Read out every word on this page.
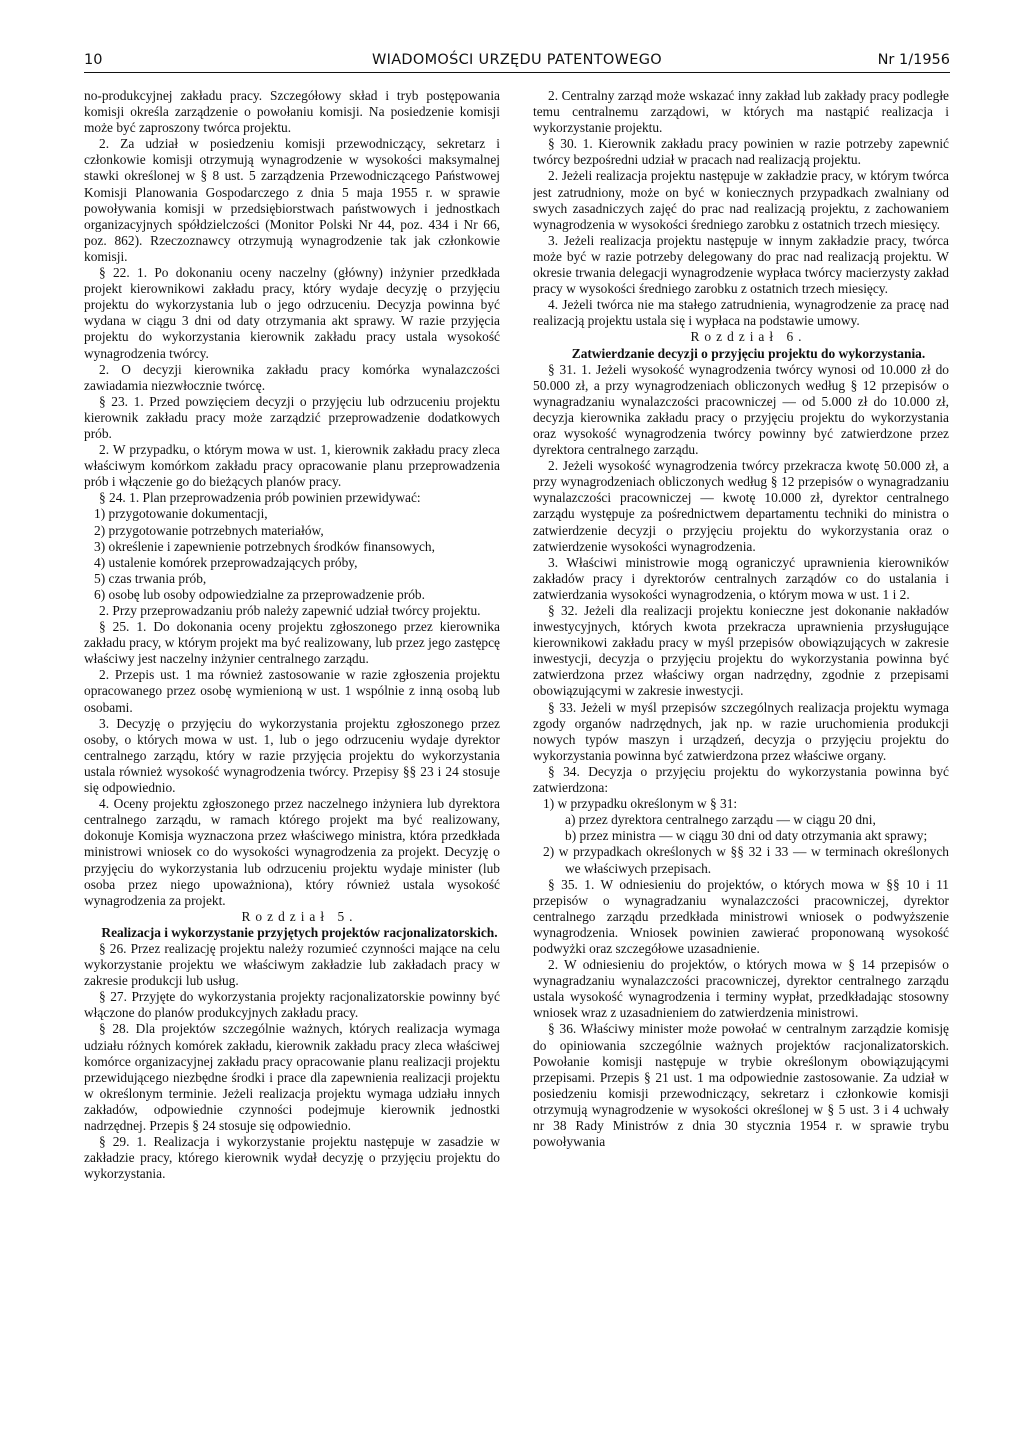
10	WIADOMOŚCI URZĘDU PATENTOWEGO	Nr 1/1956

no-produkcyjnej zakładu pracy. Szczegółowy skład i tryb postępowania komisji określa zarządzenie o powołaniu komisji. Na posiedzenie komisji może być zaproszony twórca projektu.

2. Za udział w posiedzeniu komisji przewodniczący, sekretarz i członkowie komisji otrzymują wynagrodzenie w wysokości maksymalnej stawki określonej w § 8 ust. 5 zarządzenia Przewodniczącego Państwowej Komisji Planowania Gospodarczego z dnia 5 maja 1955 r. w sprawie powoływania komisji w przedsiębiorstwach państwowych i jednostkach organizacyjnych spółdzielczości (Monitor Polski Nr 44, poz. 434 i Nr 66, poz. 862). Rzeczoznawcy otrzymują wynagrodzenie tak jak członkowie komisji.

§ 22. 1. Po dokonaniu oceny naczelny (główny) inżynier przedkłada projekt kierownikowi zakładu pracy, który wydaje decyzję o przyjęciu projektu do wykorzystania lub o jego odrzuceniu. Decyzja powinna być wydana w ciągu 3 dni od daty otrzymania akt sprawy. W razie przyjęcia projektu do wykorzystania kierownik zakładu pracy ustala wysokość wynagrodzenia twórcy.

2. O decyzji kierownika zakładu pracy komórka wynalazczości zawiadamia niezwłocznie twórcę.

§ 23. 1. Przed powzięciem decyzji o przyjęciu lub odrzuceniu projektu kierownik zakładu pracy może zarządzić przeprowadzenie dodatkowych prób.

2. W przypadku, o którym mowa w ust. 1, kierownik zakładu pracy zleca właściwym komórkom zakładu pracy opracowanie planu przeprowadzenia prób i włączenie go do bieżących planów pracy.

§ 24. 1. Plan przeprowadzenia prób powinien przewidywać:

1) przygotowanie dokumentacji,

2) przygotowanie potrzebnych materiałów,

3) określenie i zapewnienie potrzebnych środków finansowych,

4) ustalenie komórek przeprowadzających próby,

5) czas trwania prób,

6) osobę lub osoby odpowiedzialne za przeprowadzenie prób.

2. Przy przeprowadzaniu prób należy zapewnić udział twórcy projektu.

§ 25. 1. Do dokonania oceny projektu zgłoszonego przez kierownika zakładu pracy, w którym projekt ma być realizowany, lub przez jego zastępcę właściwy jest naczelny inżynier centralnego zarządu.

2. Przepis ust. 1 ma również zastosowanie w razie zgłoszenia projektu opracowanego przez osobę wymienioną w ust. 1 wspólnie z inną osobą lub osobami.

3. Decyzję o przyjęciu do wykorzystania projektu zgłoszonego przez osoby, o których mowa w ust. 1, lub o jego odrzuceniu wydaje dyrektor centralnego zarządu, który w razie przyjęcia projektu do wykorzystania ustala również wysokość wynagrodzenia twórcy. Przepisy §§ 23 i 24 stosuje się odpowiednio.

4. Oceny projektu zgłoszonego przez naczelnego inżyniera lub dyrektora centralnego zarządu, w ramach którego projekt ma być realizowany, dokonuje Komisja wyznaczona przez właściwego ministra, która przedkłada ministrowi wniosek co do wysokości wynagrodzenia za projekt. Decyzję o przyjęciu do wykorzystania lub odrzuceniu projektu wydaje minister (lub osoba przez niego upoważniona), który również ustala wysokość wynagrodzenia za projekt.

Rozdział 5.

Realizacja i wykorzystanie przyjętych projektów racjonalizatorskich.

§ 26. Przez realizację projektu należy rozumieć czynności mające na celu wykorzystanie projektu we właściwym zakładzie lub zakładach pracy w zakresie produkcji lub usług.

§ 27. Przyjęte do wykorzystania projekty racjonalizatorskie powinny być włączone do planów produkcyjnych zakładu pracy.

§ 28. Dla projektów szczególnie ważnych, których realizacja wymaga udziału różnych komórek zakładu, kierownik zakładu pracy zleca właściwej komórce organizacyjnej zakładu pracy opracowanie planu realizacji projektu przewidującego niezbędne środki i prace dla zapewnienia realizacji projektu w określonym terminie. Jeżeli realizacja projektu wymaga udziału innych zakładów, odpowiednie czynności podejmuje kierownik jednostki nadrzędnej. Przepis § 24 stosuje się odpowiednio.

§ 29. 1. Realizacja i wykorzystanie projektu następuje w zasadzie w zakładzie pracy, którego kierownik wydał decyzję o przyjęciu projektu do wykorzystania.

2. Centralny zarząd może wskazać inny zakład lub zakłady pracy podległe temu centralnemu zarządowi, w których ma nastąpić realizacja i wykorzystanie projektu.

§ 30. 1. Kierownik zakładu pracy powinien w razie potrzeby zapewnić twórcy bezpośredni udział w pracach nad realizacją projektu.

2. Jeżeli realizacja projektu następuje w zakładzie pracy, w którym twórca jest zatrudniony, może on być w koniecznych przypadkach zwalniany od swych zasadniczych zajęć do prac nad realizacją projektu, z zachowaniem wynagrodzenia w wysokości średniego zarobku z ostatnich trzech miesięcy.

3. Jeżeli realizacja projektu następuje w innym zakładzie pracy, twórca może być w razie potrzeby delegowany do prac nad realizacją projektu. W okresie trwania delegacji wynagrodzenie wypłaca twórcy macierzysty zakład pracy w wysokości średniego zarobku z ostatnich trzech miesięcy.

4. Jeżeli twórca nie ma stałego zatrudnienia, wynagrodzenie za pracę nad realizacją projektu ustala się i wypłaca na podstawie umowy.

Rozdział 6.

Zatwierdzanie decyzji o przyjęciu projektu do wykorzystania.

§ 31. 1. Jeżeli wysokość wynagrodzenia twórcy wynosi od 10.000 zł do 50.000 zł, a przy wynagrodzeniach obliczonych według § 12 przepisów o wynagradzaniu wynalazczości pracowniczej — od 5.000 zł do 10.000 zł, decyzja kierownika zakładu pracy o przyjęciu projektu do wykorzystania oraz wysokość wynagrodzenia twórcy powinny być zatwierdzone przez dyrektora centralnego zarządu.

2. Jeżeli wysokość wynagrodzenia twórcy przekracza kwotę 50.000 zł, a przy wynagrodzeniach obliczonych według § 12 przepisów o wynagradzaniu wynalazczości pracowniczej — kwotę 10.000 zł, dyrektor centralnego zarządu występuje za pośrednictwem departamentu techniki do ministra o zatwierdzenie decyzji o przyjęciu projektu do wykorzystania oraz o zatwierdzenie wysokości wynagrodzenia.

3. Właściwi ministrowie mogą ograniczyć uprawnienia kierowników zakładów pracy i dyrektorów centralnych zarządów co do ustalania i zatwierdzania wysokości wynagrodzenia, o którym mowa w ust. 1 i 2.

§ 32. Jeżeli dla realizacji projektu konieczne jest dokonanie nakładów inwestycyjnych, których kwota przekracza uprawnienia przysługujące kierownikowi zakładu pracy w myśl przepisów obowiązujących w zakresie inwestycji, decyzja o przyjęciu projektu do wykorzystania powinna być zatwierdzona przez właściwy organ nadrzędny, zgodnie z przepisami obowiązującymi w zakresie inwestycji.

§ 33. Jeżeli w myśl przepisów szczególnych realizacja projektu wymaga zgody organów nadrzędnych, jak np. w razie uruchomienia produkcji nowych typów maszyn i urządzeń, decyzja o przyjęciu projektu do wykorzystania powinna być zatwierdzona przez właściwe organy.

§ 34. Decyzja o przyjęciu projektu do wykorzystania powinna być zatwierdzona:

1) w przypadku określonym w § 31:

a) przez dyrektora centralnego zarządu — w ciągu 20 dni,

b) przez ministra — w ciągu 30 dni od daty otrzymania akt sprawy;

2) w przypadkach określonych w §§ 32 i 33 — w terminach określonych we właściwych przepisach.

§ 35. 1. W odniesieniu do projektów, o których mowa w §§ 10 i 11 przepisów o wynagradzaniu wynalazczości pracowniczej, dyrektor centralnego zarządu przedkłada ministrowi wniosek o podwyższenie wynagrodzenia. Wniosek powinien zawierać proponowaną wysokość podwyżki oraz szczegółowe uzasadnienie.

2. W odniesieniu do projektów, o których mowa w § 14 przepisów o wynagradzaniu wynalazczości pracowniczej, dyrektor centralnego zarządu ustala wysokość wynagrodzenia i terminy wypłat, przedkładając stosowny wniosek wraz z uzasadnieniem do zatwierdzenia ministrowi.

§ 36. Właściwy minister może powołać w centralnym zarządzie komisję do opiniowania szczególnie ważnych projektów racjonalizatorskich. Powołanie komisji następuje w trybie określonym obowiązującymi przepisami. Przepis § 21 ust. 1 ma odpowiednie zastosowanie. Za udział w posiedzeniu komisji przewodniczący, sekretarz i członkowie komisji otrzymują wynagrodzenie w wysokości określonej w § 5 ust. 3 i 4 uchwały nr 38 Rady Ministrów z dnia 30 stycznia 1954 r. w sprawie trybu powoływania
